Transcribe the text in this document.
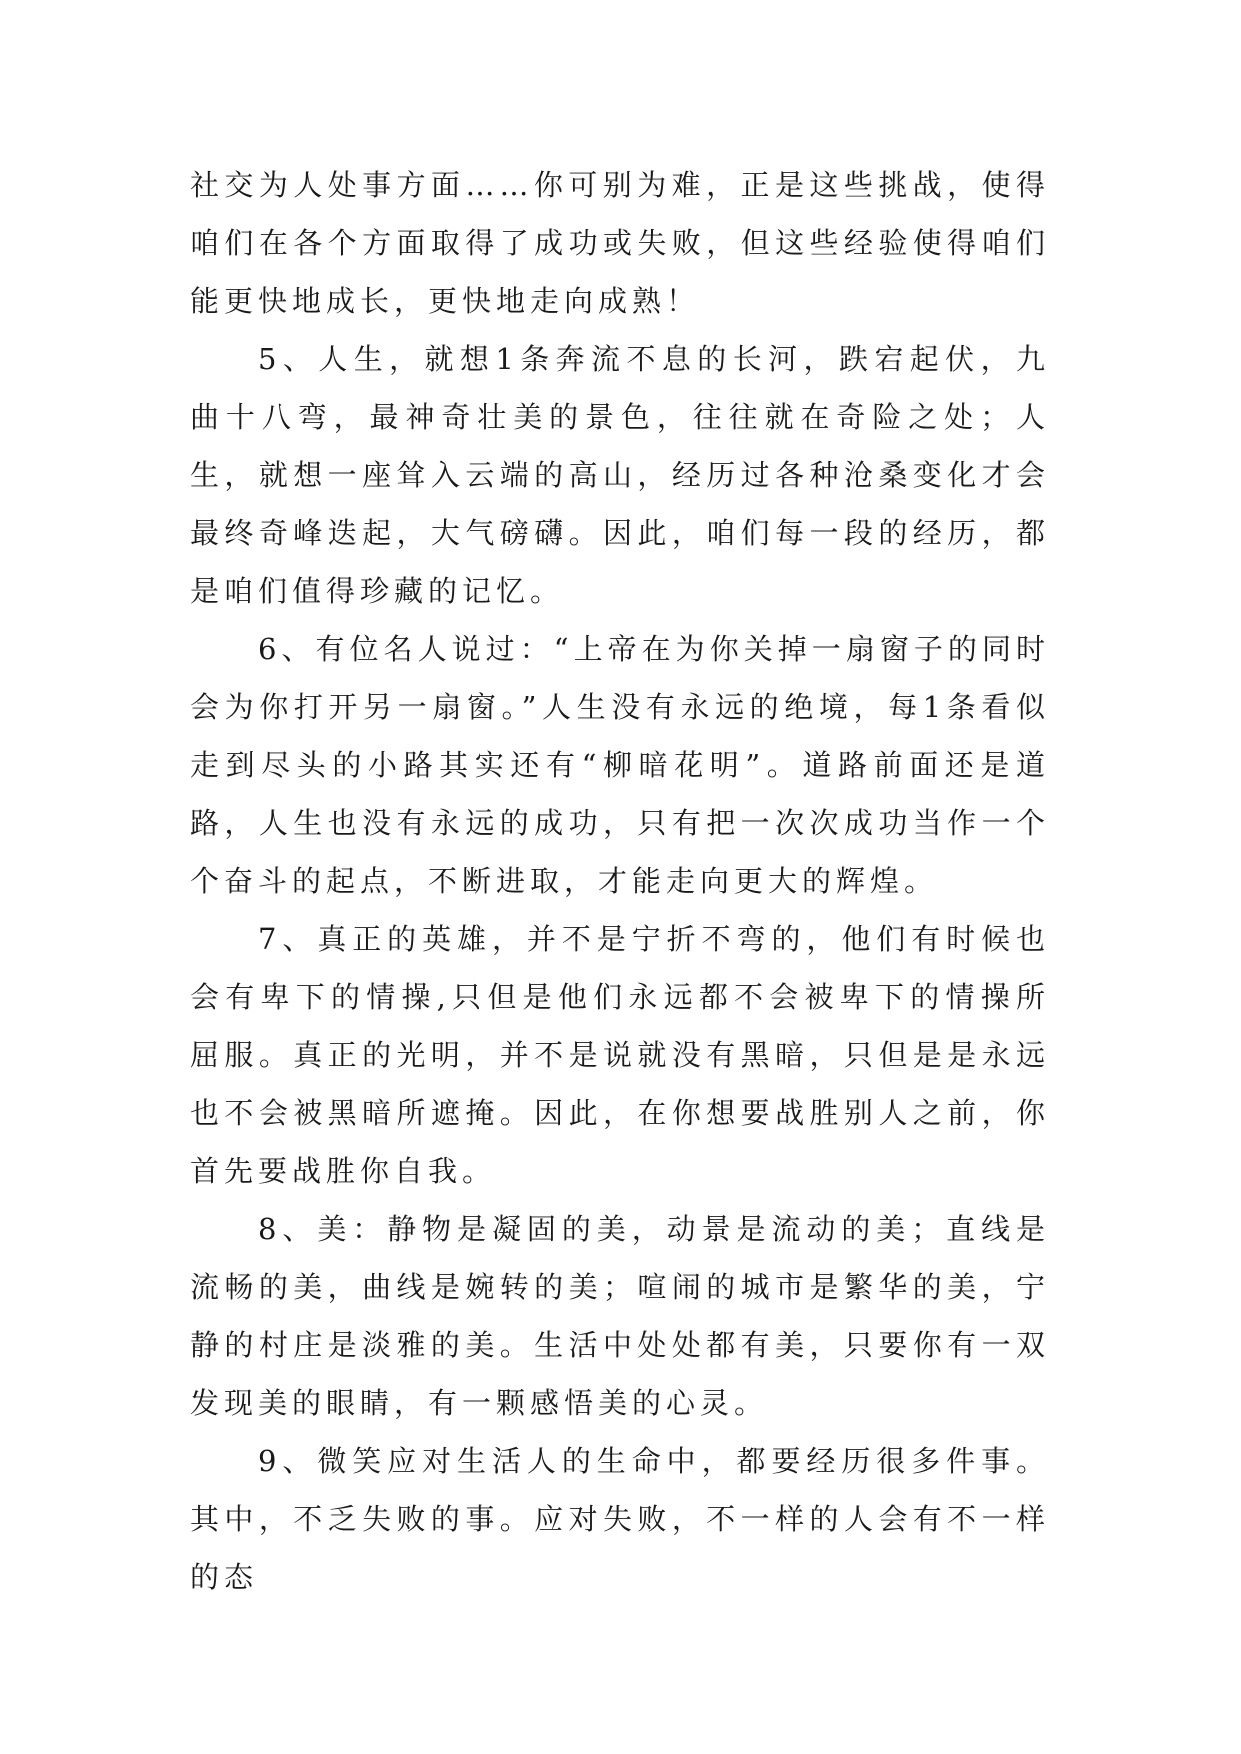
社交为人处事方面……你可别为难，正是这些挑战，使得咱们在各个方面取得了成功或失败，但这些经验使得咱们能更快地成长，更快地走向成熟！

5、人生，就想1条奔流不息的长河，跌宕起伏，九曲十八弯，最神奇壮美的景色，往往就在奇险之处；人生，就想一座耸入云端的高山，经历过各种沧桑变化才会最终奇峰迭起，大气磅礴。因此，咱们每一段的经历，都是咱们值得珍藏的记忆。

6、有位名人说过：“上帝在为你关掉一扇窗子的同时会为你打开另一扇窗。”人生没有永远的绝境，每1条看似走到尽头的小路其实还有“柳暗花明”。道路前面还是道路，人生也没有永远的成功，只有把一次次成功当作一个个奋斗的起点，不断进取，才能走向更大的辉煌。

7、真正的英雄，并不是宁折不弯的，他们有时候也会有卑下的情操,只但是他们永远都不会被卑下的情操所屈服。真正的光明，并不是说就没有黑暗，只但是是永远也不会被黑暗所遮掩。因此，在你想要战胜别人之前，你首先要战胜你自我。

8、美：静物是凝固的美，动景是流动的美；直线是流畅的美，曲线是婉转的美；喧闹的城市是繁华的美，宁静的村庄是淡雅的美。生活中处处都有美，只要你有一双发现美的眼睛，有一颗感悟美的心灵。

9、微笑应对生活人的生命中，都要经历很多件事。其中，不乏失败的事。应对失败，不一样的人会有不一样的态
